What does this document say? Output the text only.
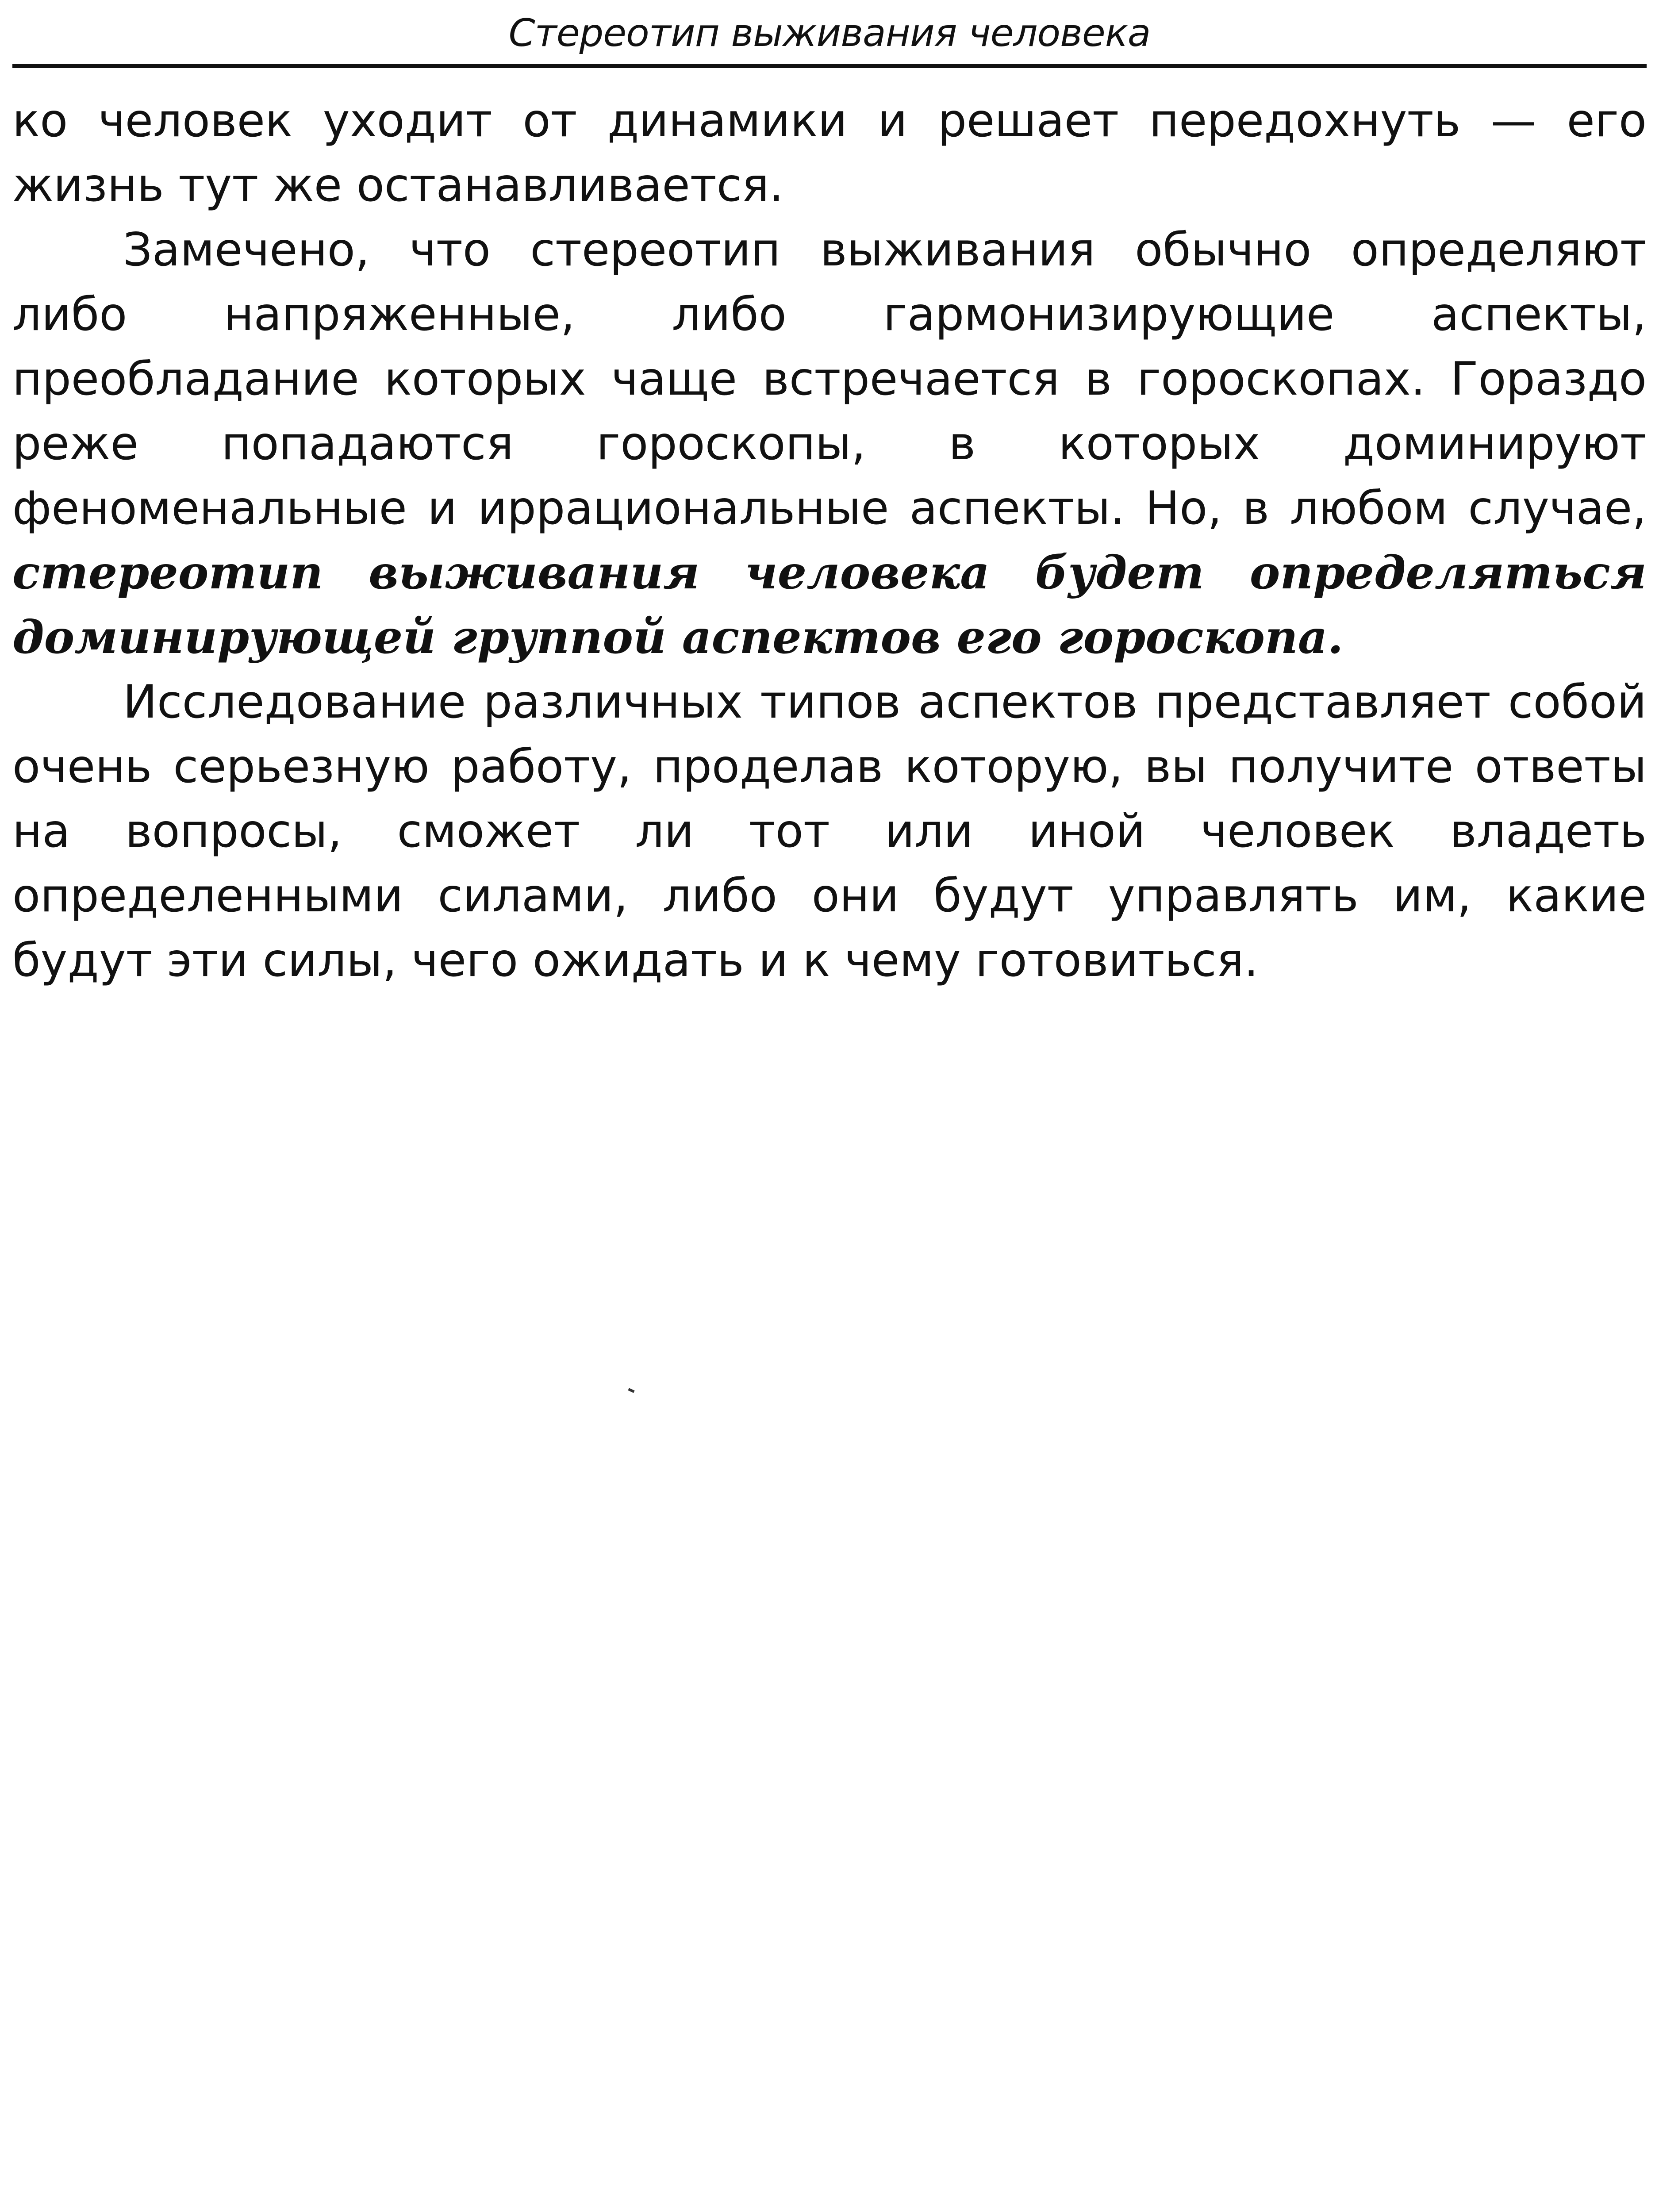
Стереотип выживания человека

ко человек уходит от динамики и решает передохнуть — его жизнь тут же останавливается.

Замечено, что стереотип выживания обычно определяют либо напряженные, либо гармонизирующие аспекты, преобладание которых чаще встречается в гороскопах. Гораздо реже попадаются гороскопы, в которых доминируют феноменальные и иррациональные аспекты. Но, в любом случае, стереотип выживания человека будет определяться доминирующей группой аспектов его гороскопа.

Исследование различных типов аспектов представляет собой очень серьезную работу, проделав которую, вы получите ответы на вопросы, сможет ли тот или иной человек владеть определенными силами, либо они будут управлять им, какие будут эти силы, чего ожидать и к чему готовиться.
